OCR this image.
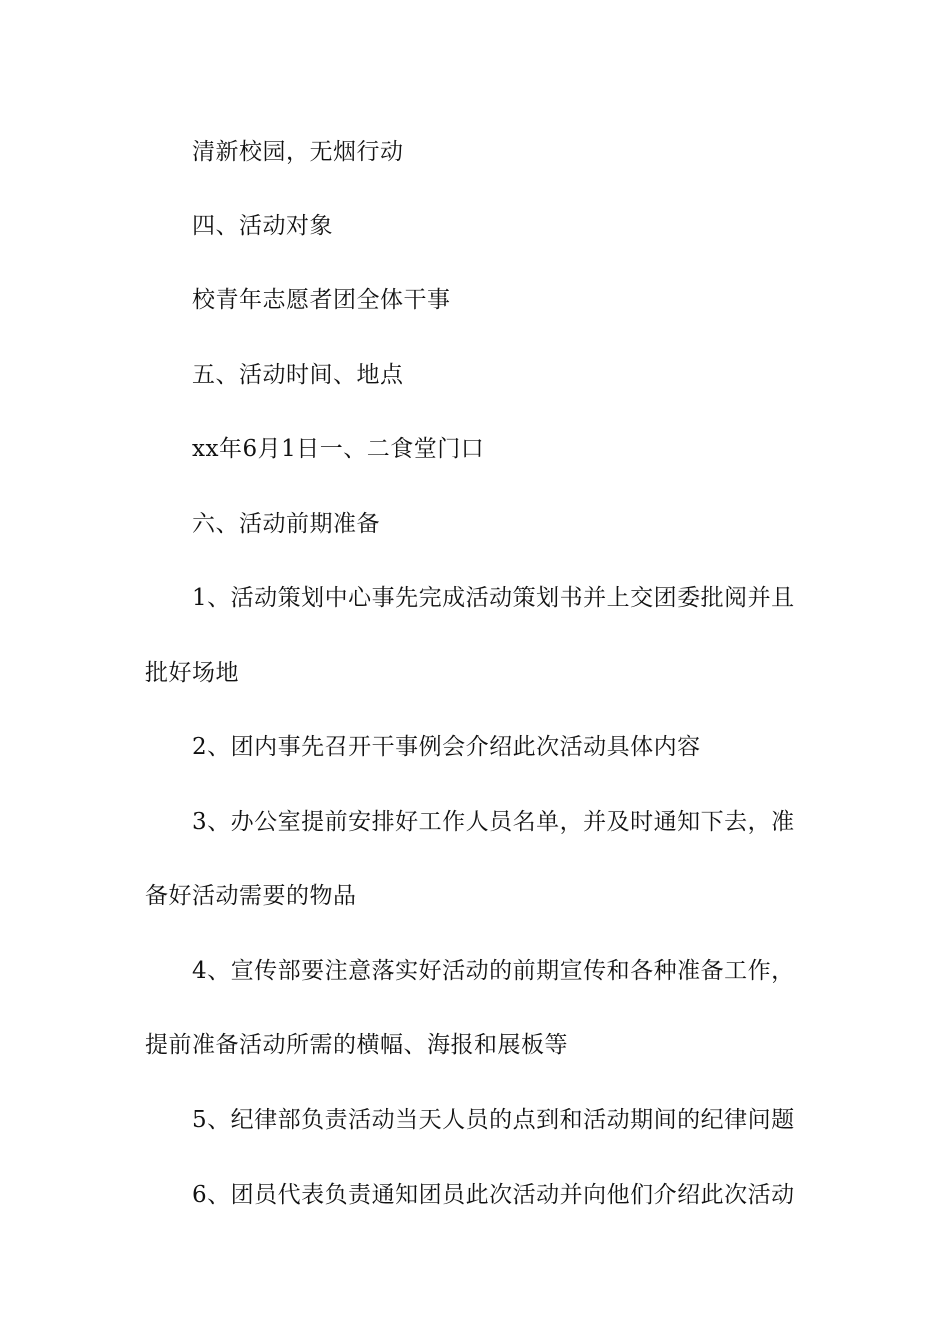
清新校园，无烟行动
四、活动对象
校青年志愿者团全体干事
五、活动时间、地点
xx年6月1日一、二食堂门口
六、活动前期准备
1、活动策划中心事先完成活动策划书并上交团委批阅并且
批好场地
2、团内事先召开干事例会介绍此次活动具体内容
3、办公室提前安排好工作人员名单，并及时通知下去，准
备好活动需要的物品
4、宣传部要注意落实好活动的前期宣传和各种准备工作，
提前准备活动所需的横幅、海报和展板等
5、纪律部负责活动当天人员的点到和活动期间的纪律问题
6、团员代表负责通知团员此次活动并向他们介绍此次活动
